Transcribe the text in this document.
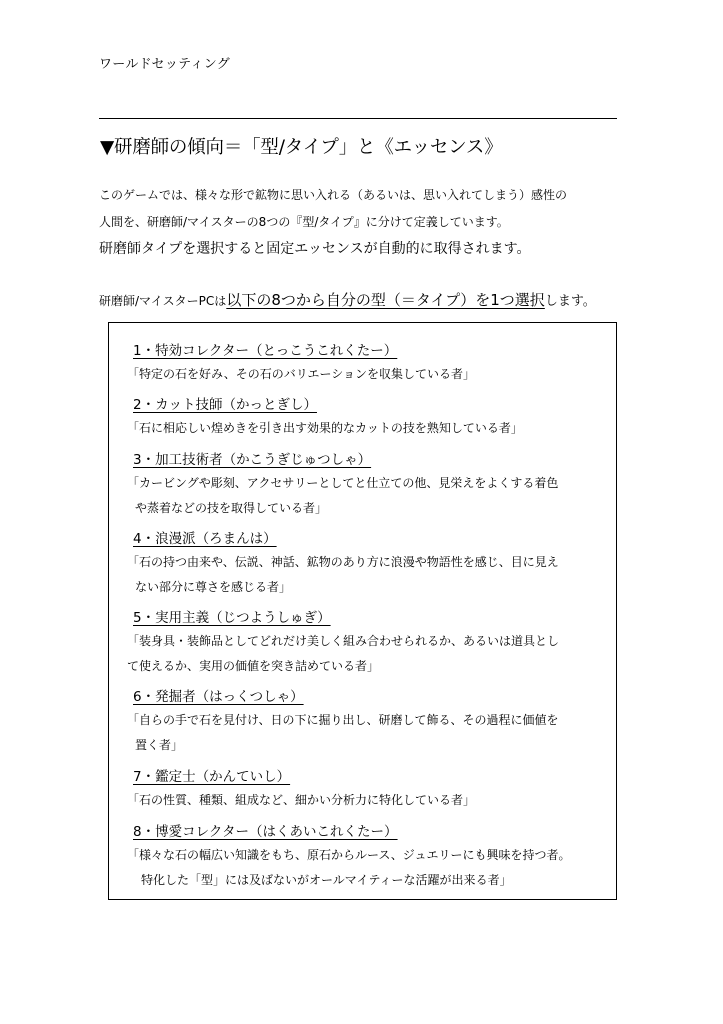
ワールドセッティング
▼研磨師の傾向＝「型/タイプ」と《エッセンス》
このゲームでは、様々な形で鉱物に思い入れる（あるいは、思い入れてしまう）感性の
人間を、研磨師/マイスターの8つの『型/タイプ』に分けて定義しています。
研磨師タイプを選択すると固定エッセンスが自動的に取得されます。
研磨師/マイスターPCは以下の8つから自分の型（＝タイプ）を1つ選択します。
1・特効コレクター（とっこうこれくたー）
「特定の石を好み、その石のバリエーションを収集している者」
2・カット技師（かっとぎし）
「石に相応しい煌めきを引き出す効果的なカットの技を熟知している者」
3・加工技術者（かこうぎじゅつしゃ）
「カービングや彫刻、アクセサリーとしてと仕立ての他、見栄えをよくする着色
や蒸着などの技を取得している者」
4・浪漫派（ろまんは）
「石の持つ由来や、伝説、神話、鉱物のあり方に浪漫や物語性を感じ、目に見え
ない部分に尊さを感じる者」
5・実用主義（じつようしゅぎ）
「装身具・装飾品としてどれだけ美しく組み合わせられるか、あるいは道具とし
て使えるか、実用の価値を突き詰めている者」
6・発掘者（はっくつしゃ）
「自らの手で石を見付け、日の下に掘り出し、研磨して飾る、その過程に価値を
置く者」
7・鑑定士（かんていし）
「石の性質、種類、組成など、細かい分析力に特化している者」
8・博愛コレクター（はくあいこれくたー）
「様々な石の幅広い知識をもち、原石からルース、ジュエリーにも興味を持つ者。
特化した「型」には及ばないがオールマイティーな活躍が出来る者」
